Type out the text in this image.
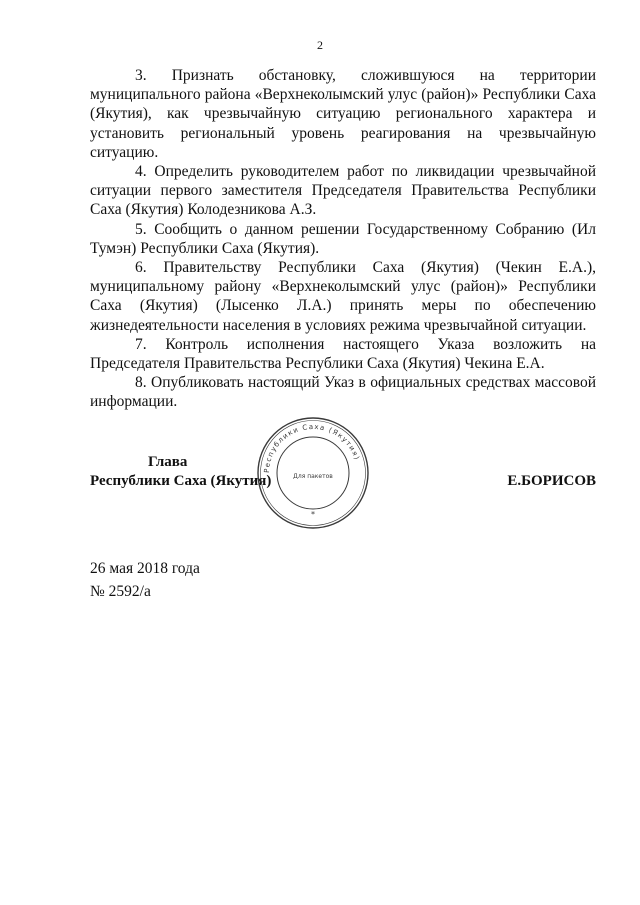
2

3. Признать обстановку, сложившуюся на территории муниципального района «Верхнеколымский улус (район)» Республики Саха (Якутия), как чрезвычайную ситуацию регионального характера и установить региональный уровень реагирования на чрезвычайную ситуацию.

4. Определить руководителем работ по ликвидации чрезвычайной ситуации первого заместителя Председателя Правительства Республики Саха (Якутия) Колодезникова А.З.

5. Сообщить о данном решении Государственному Собранию (Ил Тумэн) Республики Саха (Якутия).

6. Правительству Республики Саха (Якутия) (Чекин Е.А.), муниципальному району «Верхнеколымский улус (район)» Республики Саха (Якутия) (Лысенко Л.А.) принять меры по обеспечению жизнедеятельности населения в условиях режима чрезвычайной ситуации.

7. Контроль исполнения настоящего Указа возложить на Председателя Правительства Республики Саха (Якутия) Чекина Е.А.

8. Опубликовать настоящий Указ в официальных средствах массовой информации.

Глава
Республики Саха (Якутия)	Е.БОРИСОВ
Республики Саха (Якутия)
Для пакетов
*
26 мая 2018 года
№ 2592/а
